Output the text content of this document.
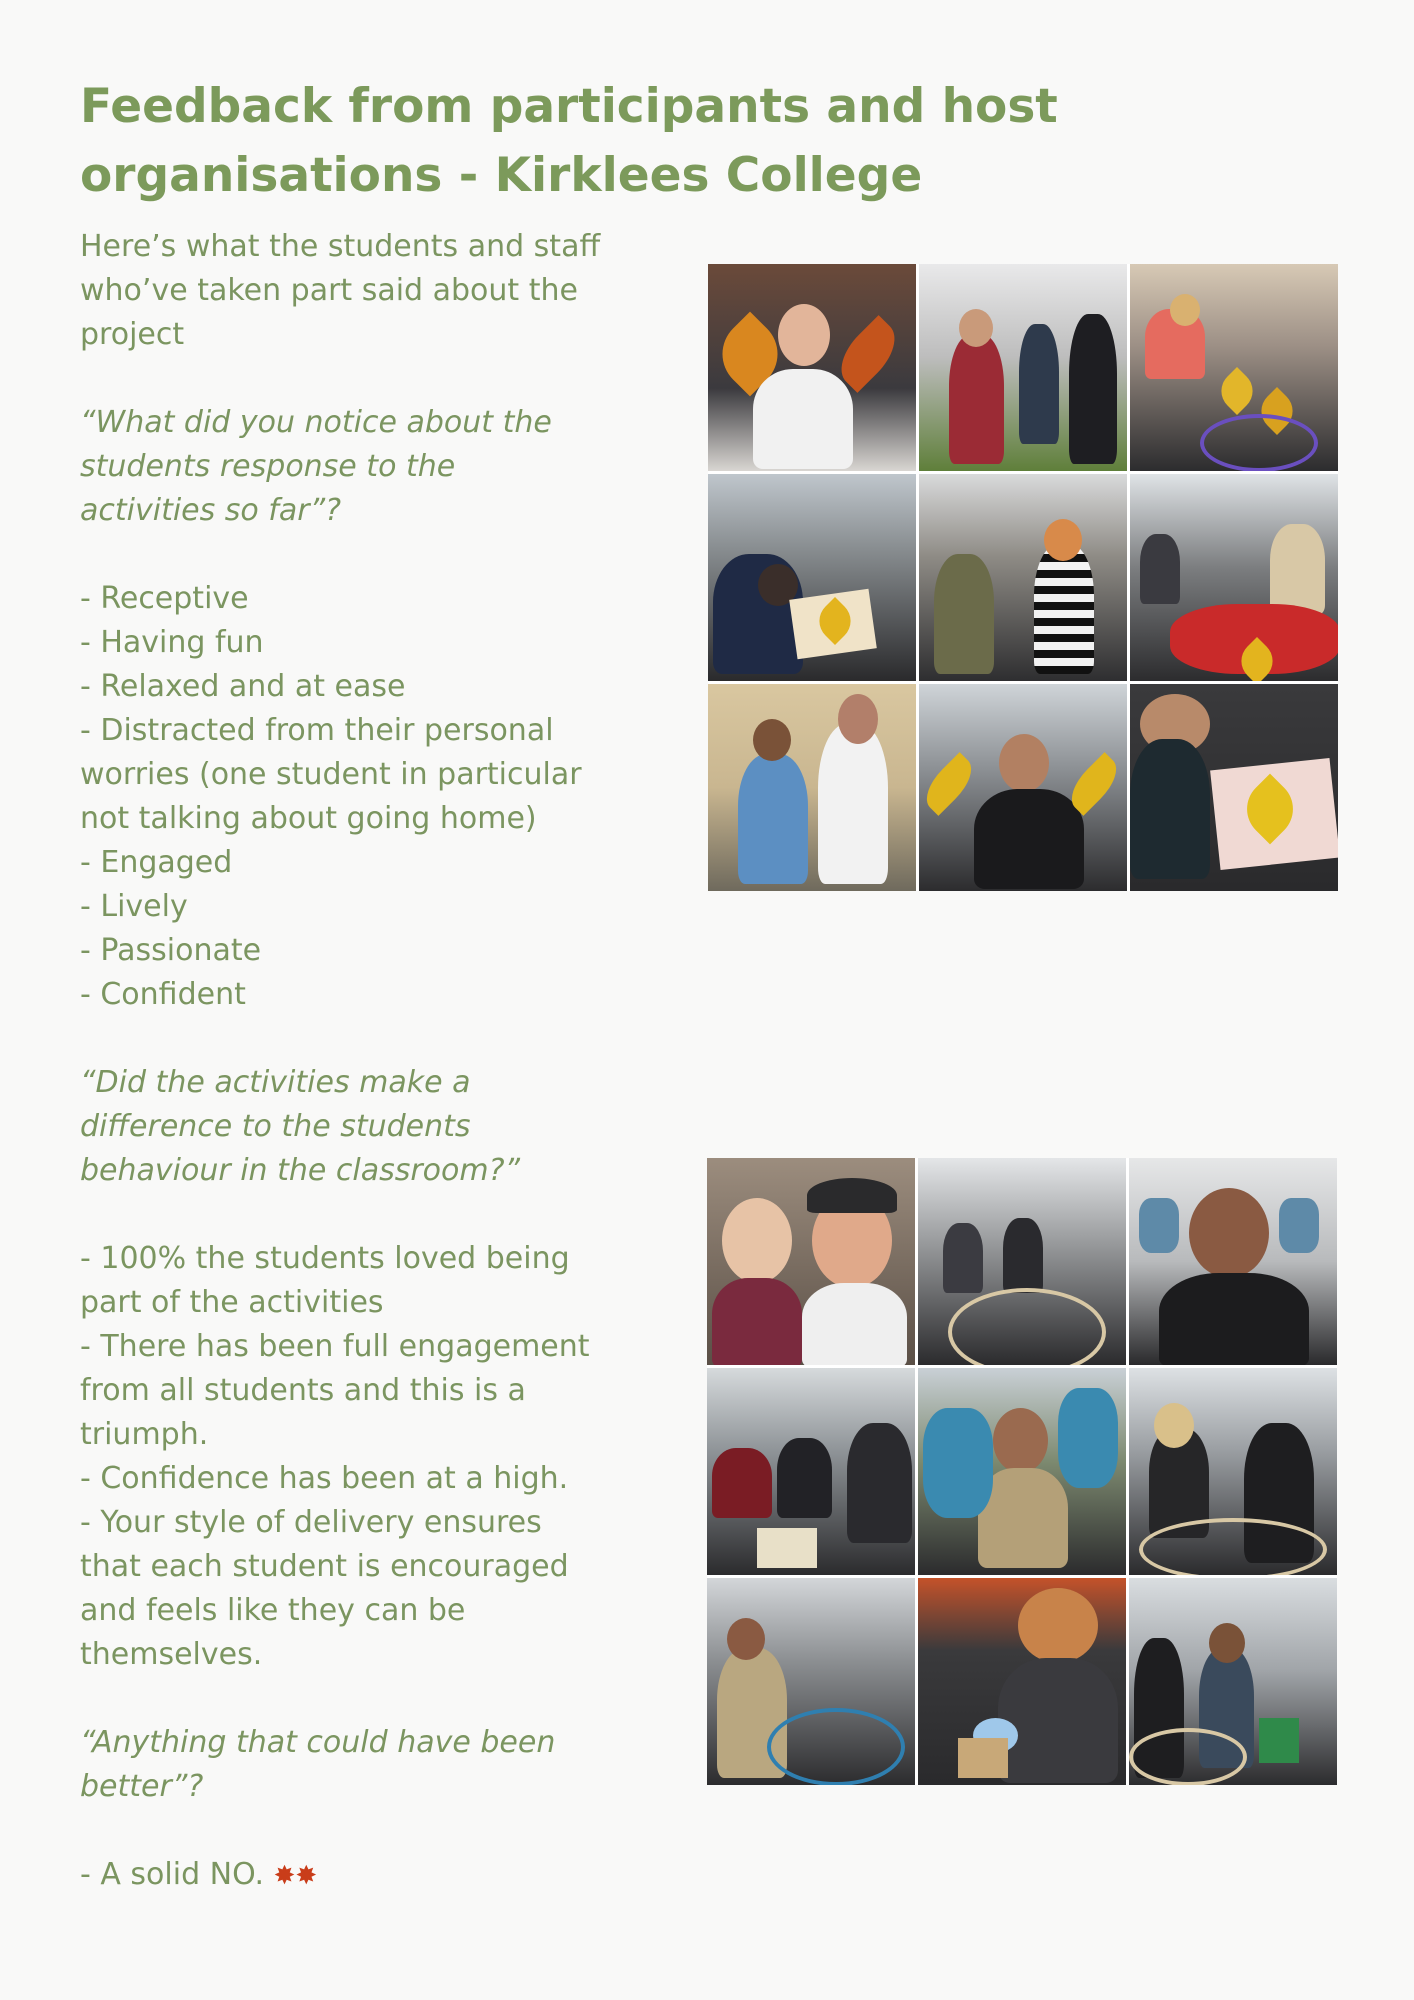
Feedback from participants and host
organisations - Kirklees College

Here’s what the students and staff

who’ve taken part said about the

project

“What did you notice about the

students response to the

activities so far”?

- Receptive

- Having fun

- Relaxed and at ease

- Distracted from their personal

worries (one student in particular

not talking about going home)

- Engaged

- Lively

- Passionate

- Confident

“Did the activities make a

difference to the students

behaviour in the classroom?”

- 100% the students loved being

part of the activities

- There has been full engagement

from all students and this is a

triumph.

- Confidence has been at a high.

- Your style of delivery ensures

that each student is encouraged

and feels like they can be

themselves.

“Anything that could have been

better”?

- A solid NO. ✸✸
